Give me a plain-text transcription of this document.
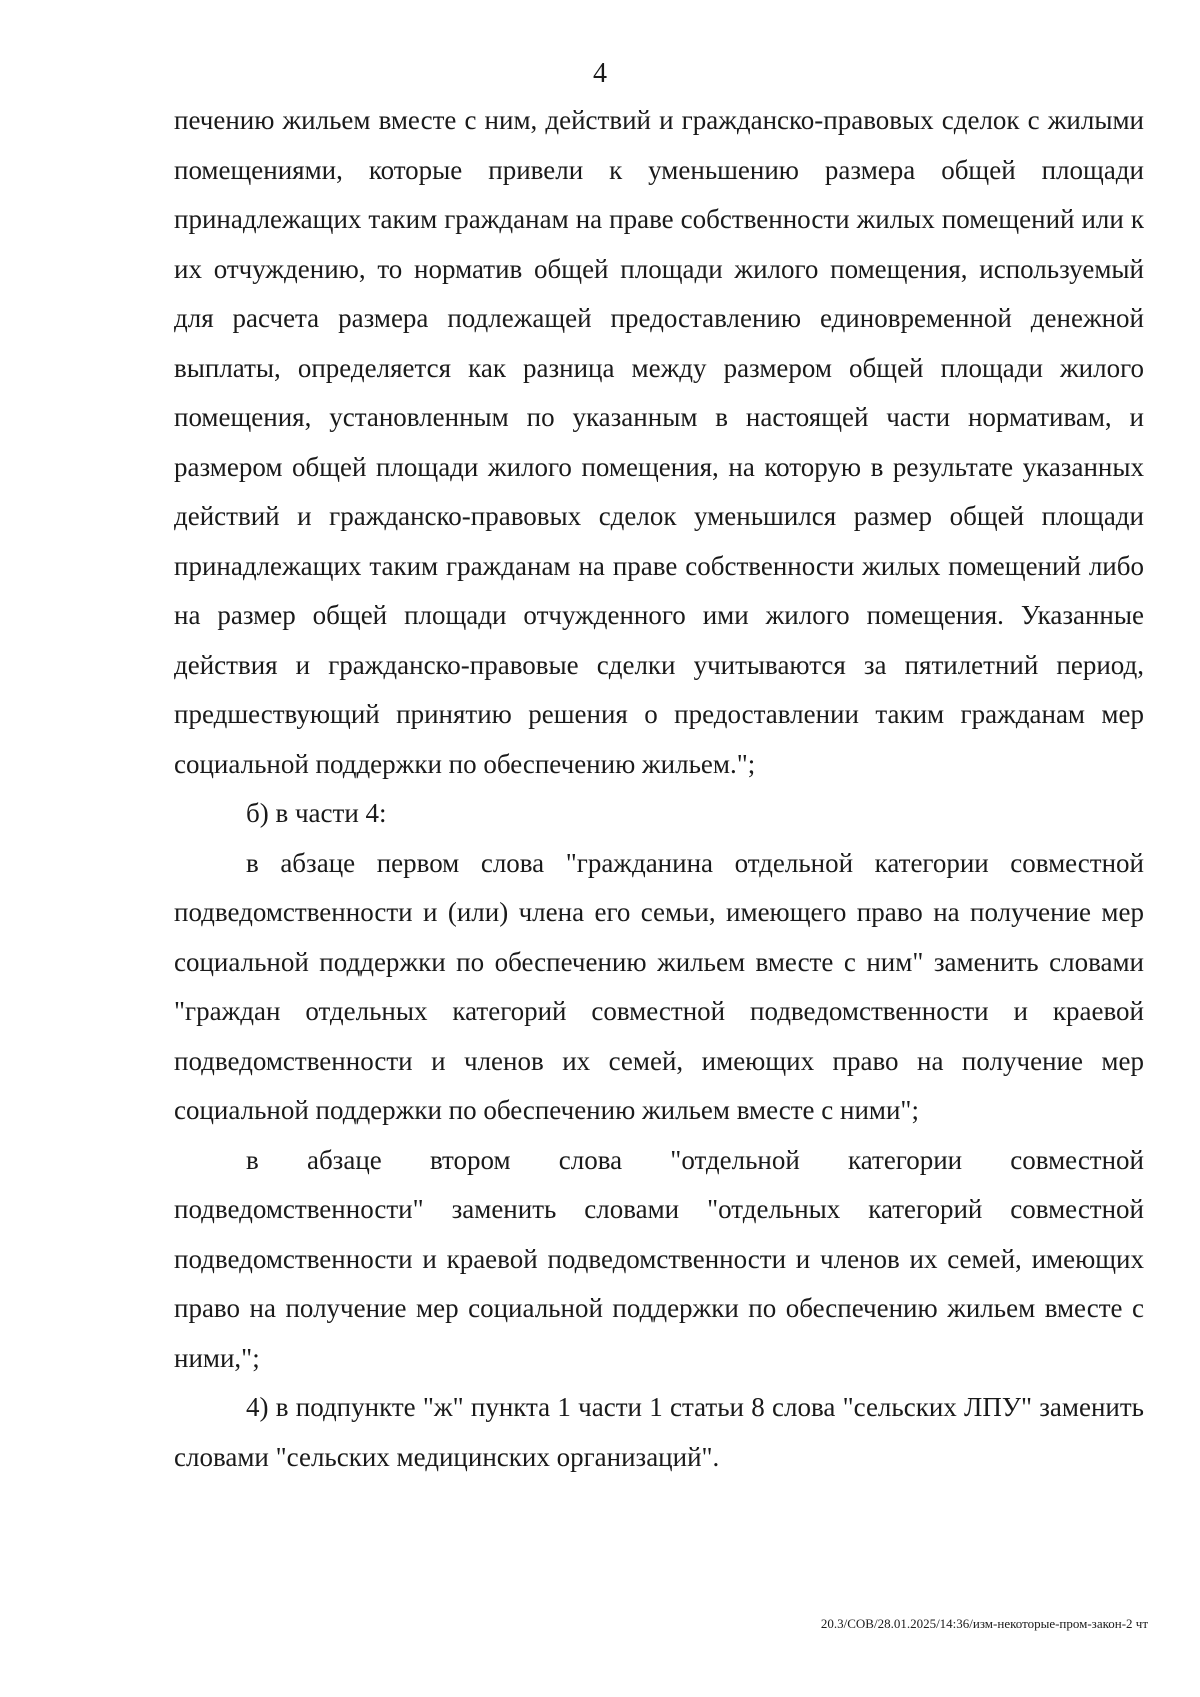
4

печению жильем вместе с ним, действий и гражданско-правовых сделок с жилыми помещениями, которые привели к уменьшению размера общей площади принадлежащих таким гражданам на праве собственности жилых помещений или к их отчуждению, то норматив общей площади жилого помещения, используемый для расчета размера подлежащей предоставлению единовременной денежной выплаты, определяется как разница между размером общей площади жилого помещения, установленным по указанным в настоящей части нормативам, и размером общей площади жилого помещения, на которую в результате указанных действий и гражданско-правовых сделок уменьшился размер общей площади принадлежащих таким гражданам на праве собственности жилых помещений либо на размер общей площади отчужденного ими жилого помещения. Указанные действия и гражданско-правовые сделки учитываются за пятилетний период, предшествующий принятию решения о предоставлении таким гражданам мер социальной поддержки по обеспечению жильем.";

б) в части 4:

в абзаце первом слова "гражданина отдельной категории совместной подведомственности и (или) члена его семьи, имеющего право на получение мер социальной поддержки по обеспечению жильем вместе с ним" заменить словами "граждан отдельных категорий совместной подведомственности и краевой подведомственности и членов их семей, имеющих право на получение мер социальной поддержки по обеспечению жильем вместе с ними";

в абзаце втором слова "отдельной категории совместной подведомственности" заменить словами "отдельных категорий совместной подведомственности и краевой подведомственности и членов их семей, имеющих право на получение мер социальной поддержки по обеспечению жильем вместе с ними,";

4) в подпункте "ж" пункта 1 части 1 статьи 8 слова "сельских ЛПУ" заменить словами "сельских медицинских организаций".

20.3/СОВ/28.01.2025/14:36/изм-некоторые-пром-закон-2 чт
